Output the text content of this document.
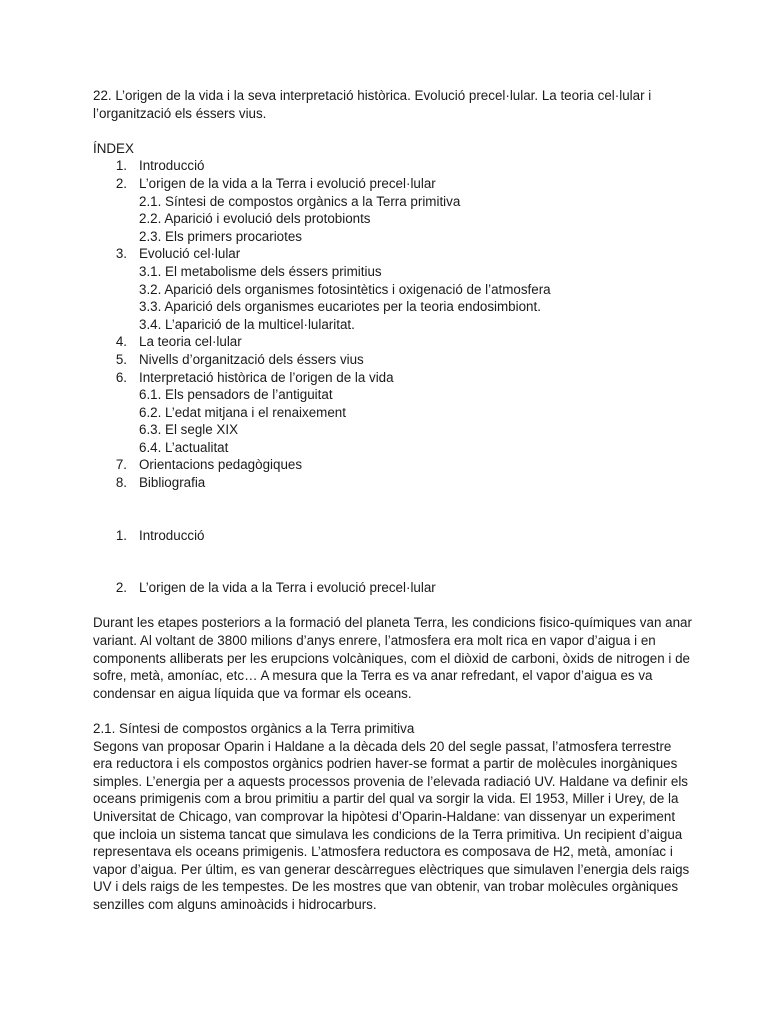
22. L’origen de la vida i la seva interpretació històrica. Evolució precel·lular. La teoria cel·lular i l’organització els éssers vius.
ÍNDEX
1. Introducció
2. L’origen de la vida a la Terra i evolució precel·lular
2.1. Síntesi de compostos orgànics a la Terra primitiva
2.2. Aparició i evolució dels protobionts
2.3. Els primers procariotes
3. Evolució cel·lular
3.1. El metabolisme dels éssers primitius
3.2. Aparició dels organismes fotosintètics i oxigenació de l’atmosfera
3.3. Aparició dels organismes eucariotes per la teoria endosimbiont.
3.4. L’aparició de la multicel·lularitat.
4. La teoria cel·lular
5. Nivells d’organització dels éssers vius
6. Interpretació històrica de l’origen de la vida
6.1. Els pensadors de l’antiguitat
6.2. L’edat mitjana i el renaixement
6.3. El segle XIX
6.4. L’actualitat
7. Orientacions pedagògiques
8. Bibliografia
1. Introducció
2. L’origen de la vida a la Terra i evolució precel·lular
Durant les etapes posteriors a la formació del planeta Terra, les condicions fisico-químiques van anar variant. Al voltant de 3800 milions d’anys enrere, l’atmosfera era molt rica en vapor d’aigua i en components alliberats per les erupcions volcàniques, com el diòxid de carboni, òxids de nitrogen i de sofre, metà, amoníac, etc… A mesura que la Terra es va anar refredant, el vapor d’aigua es va condensar en aigua líquida que va formar els oceans.
2.1. Síntesi de compostos orgànics a la Terra primitiva
Segons van proposar Oparin i Haldane a la dècada dels 20 del segle passat, l’atmosfera terrestre era reductora i els compostos orgànics podrien haver-se format a partir de molècules inorgàniques simples. L’energia per a aquests processos provenia de l’elevada radiació UV. Haldane va definir els oceans primigenis com a brou primitiu a partir del qual va sorgir la vida. El 1953, Miller i Urey, de la Universitat de Chicago, van comprovar la hipòtesi d’Oparin-Haldane: van dissenyar un experiment que incloia un sistema tancat que simulava les condicions de la Terra primitiva. Un recipient d’aigua representava els oceans primigenis. L’atmosfera reductora es composava de H2, metà, amoníac i vapor d’aigua. Per últim, es van generar descàrregues elèctriques que simulaven l’energia dels raigs UV i dels raigs de les tempestes. De les mostres que van obtenir, van trobar molècules orgàniques senzilles com alguns aminoàcids i hidrocarburs.
